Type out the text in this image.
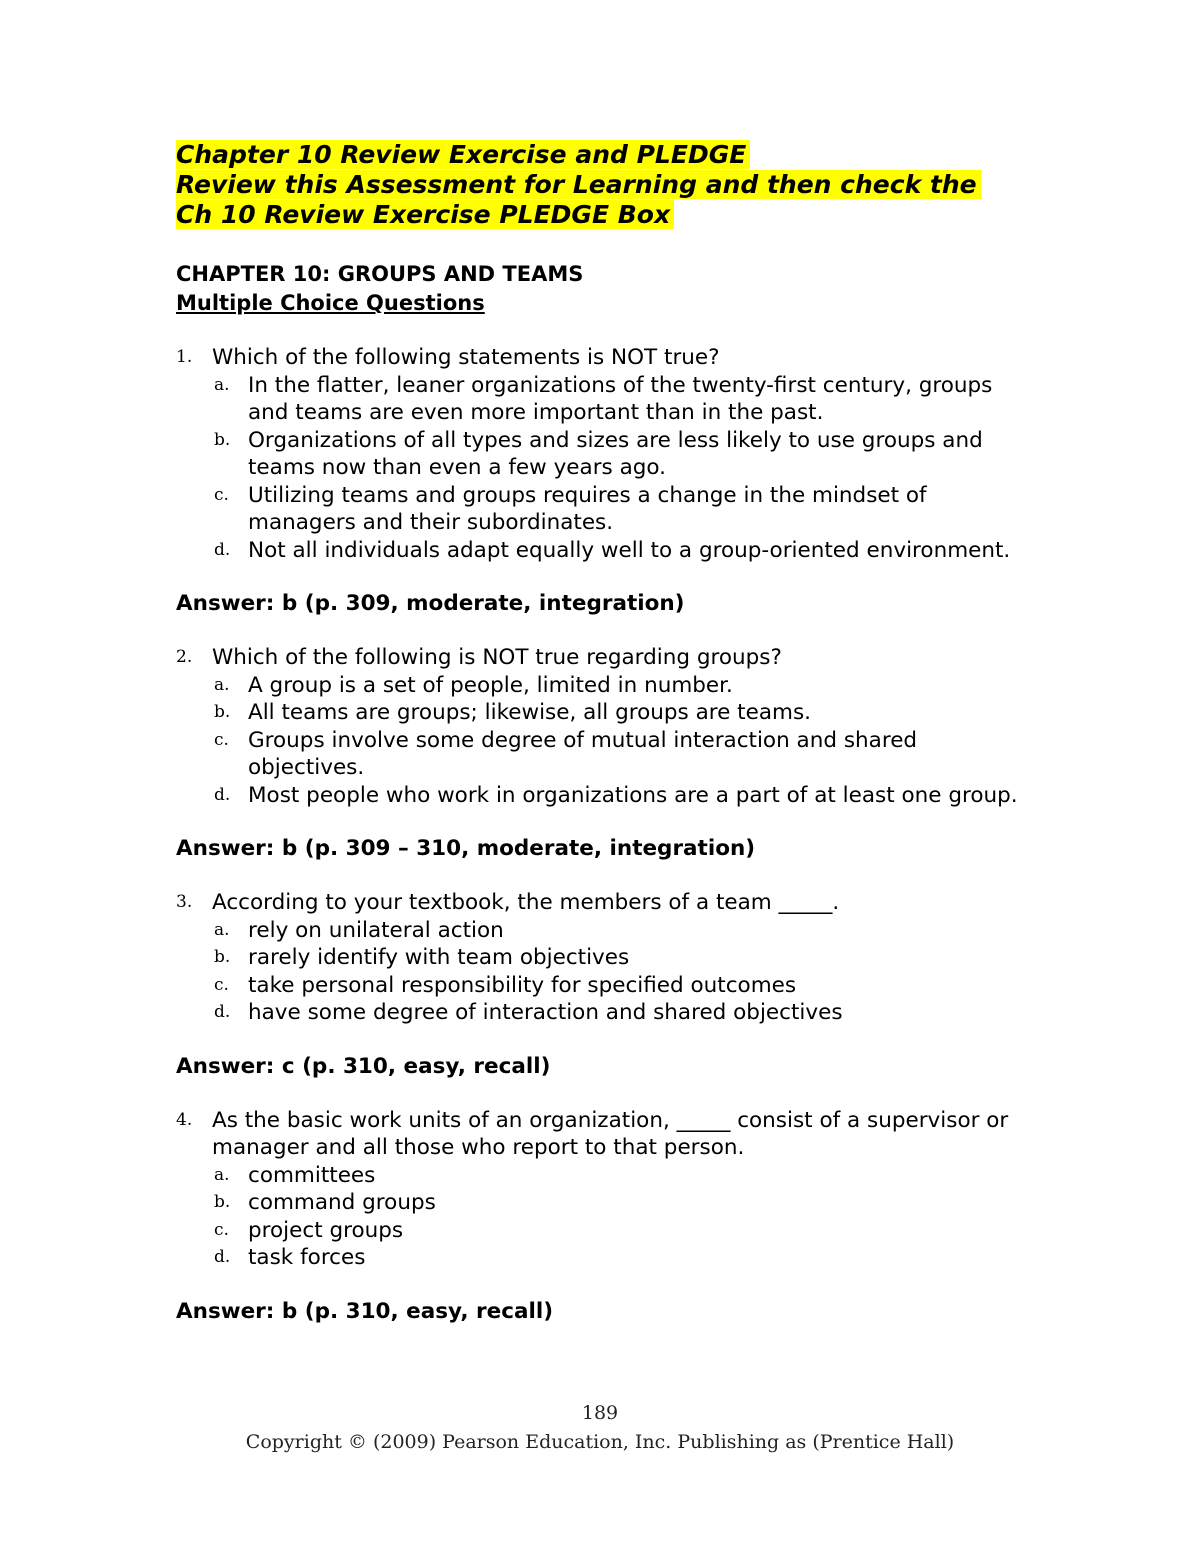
Chapter 10 Review Exercise and PLEDGE
Review this Assessment for Learning and then check the
Ch 10 Review Exercise PLEDGE Box
CHAPTER 10: GROUPS AND TEAMS
Multiple Choice Questions
1. Which of the following statements is NOT true?
a. In the flatter, leaner organizations of the twenty-first century, groups and teams are even more important than in the past.
b. Organizations of all types and sizes are less likely to use groups and teams now than even a few years ago.
c. Utilizing teams and groups requires a change in the mindset of managers and their subordinates.
d. Not all individuals adapt equally well to a group-oriented environment.
Answer: b (p. 309, moderate, integration)
2. Which of the following is NOT true regarding groups?
a. A group is a set of people, limited in number.
b. All teams are groups; likewise, all groups are teams.
c. Groups involve some degree of mutual interaction and shared objectives.
d. Most people who work in organizations are a part of at least one group.
Answer: b (p. 309 – 310, moderate, integration)
3. According to your textbook, the members of a team _____.
a. rely on unilateral action
b. rarely identify with team objectives
c. take personal responsibility for specified outcomes
d. have some degree of interaction and shared objectives
Answer: c (p. 310, easy, recall)
4. As the basic work units of an organization, _____ consist of a supervisor or manager and all those who report to that person.
a. committees
b. command groups
c. project groups
d. task forces
Answer: b (p. 310, easy, recall)
189
Copyright © (2009) Pearson Education, Inc. Publishing as (Prentice Hall)
